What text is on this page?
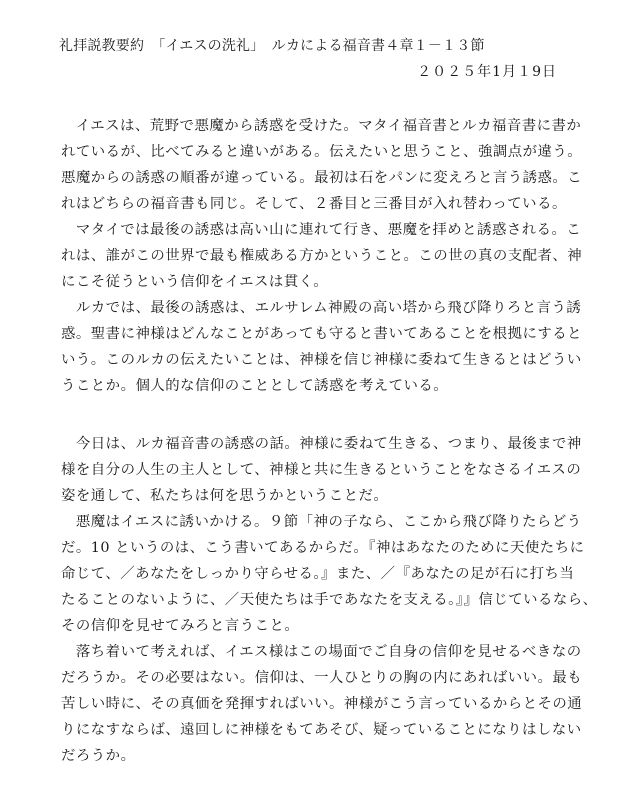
礼拝説教要約　「イエスの洗礼」　ルカによる福音書４章１－１３節
２０２５年1月１9日
　イエスは、荒野で悪魔から誘惑を受けた。マタイ福音書とルカ福音書に書か
れているが、比べてみると違いがある。伝えたいと思うこと、強調点が違う。
悪魔からの誘惑の順番が違っている。最初は石をパンに変えろと言う誘惑。こ
れはどちらの福音書も同じ。そして、２番目と三番目が入れ替わっている。
　マタイでは最後の誘惑は高い山に連れて行き、悪魔を拝めと誘惑される。こ
れは、誰がこの世界で最も権威ある方かということ。この世の真の支配者、神
にこそ従うという信仰をイエスは貫く。
　ルカでは、最後の誘惑は、エルサレム神殿の高い塔から飛び降りろと言う誘
惑。聖書に神様はどんなことがあっても守ると書いてあることを根拠にすると
いう。このルカの伝えたいことは、神様を信じ神様に委ねて生きるとはどうい
うことか。個人的な信仰のこととして誘惑を考えている。
　今日は、ルカ福音書の誘惑の話。神様に委ねて生きる、つまり、最後まで神
様を自分の人生の主人として、神様と共に生きるということをなさるイエスの
姿を通して、私たちは何を思うかということだ。
　悪魔はイエスに誘いかける。９節「神の子なら、ここから飛び降りたらどう
だ。10 というのは、こう書いてあるからだ。『神はあなたのために天使たちに
命じて、／あなたをしっかり守らせる。』また、／『あなたの足が石に打ち当
たることのないように、／天使たちは手であなたを支える。』』信じているなら、
その信仰を見せてみろと言うこと。
　落ち着いて考えれば、イエス様はこの場面でご自身の信仰を見せるべきなの
だろうか。その必要はない。信仰は、一人ひとりの胸の内にあればいい。最も
苦しい時に、その真価を発揮すればいい。神様がこう言っているからとその通
りになすならば、遠回しに神様をもてあそび、疑っていることになりはしない
だろうか。
